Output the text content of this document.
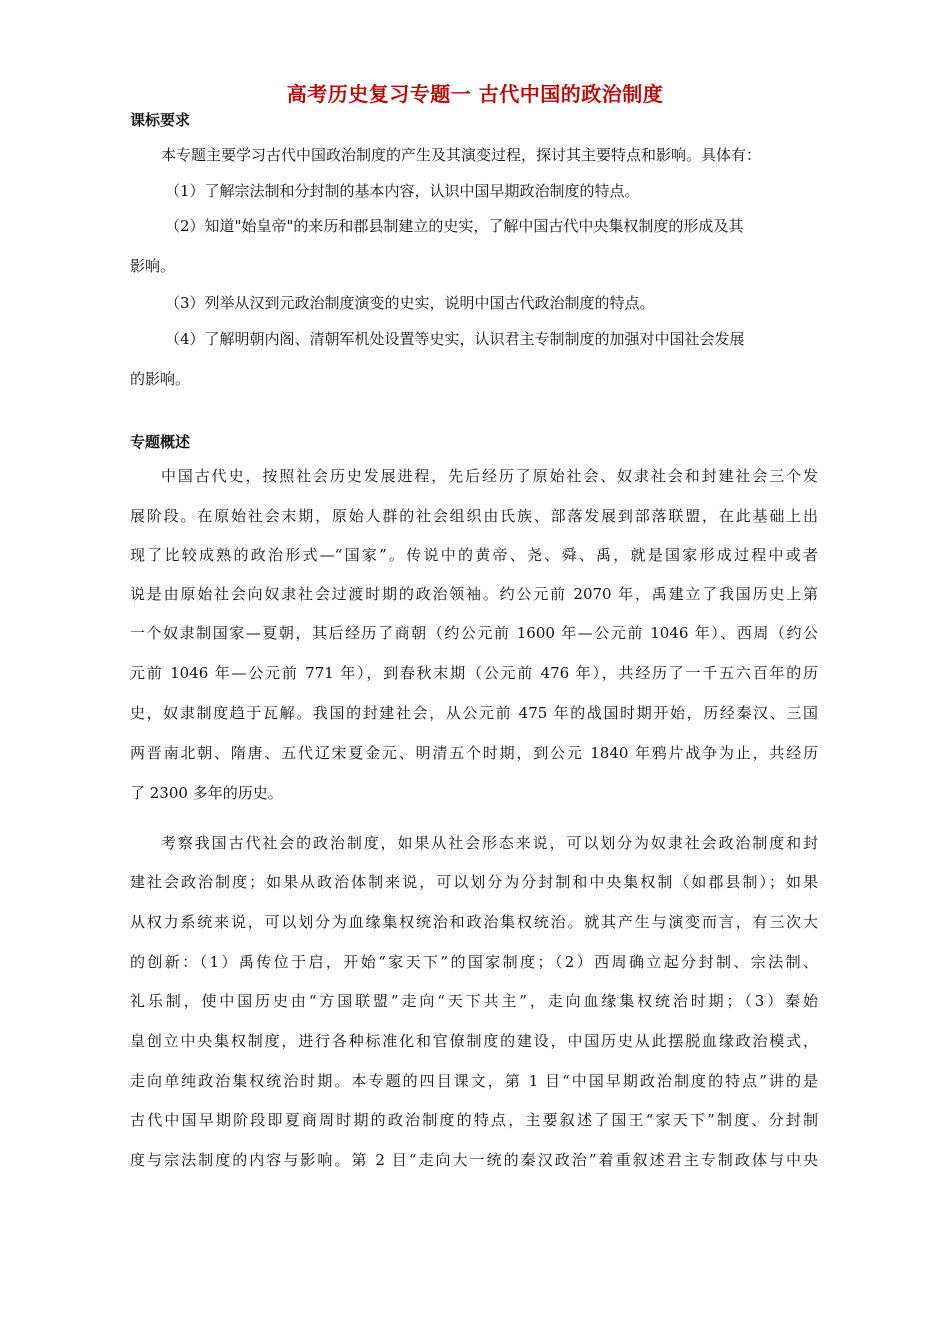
高考历史复习专题一 古代中国的政治制度
课标要求
本专题主要学习古代中国政治制度的产生及其演变过程，探讨其主要特点和影响。具体有：
（1）了解宗法制和分封制的基本内容，认识中国早期政治制度的特点。
（2）知道"始皇帝"的来历和郡县制建立的史实，了解中国古代中央集权制度的形成及其
影响。
（3）列举从汉到元政治制度演变的史实，说明中国古代政治制度的特点。
（4）了解明朝内阁、清朝军机处设置等史实，认识君主专制制度的加强对中国社会发展
的影响。
专题概述
中国古代史，按照社会历史发展进程，先后经历了原始社会、奴隶社会和封建社会三个发
展阶段。在原始社会末期，原始人群的社会组织由氏族、部落发展到部落联盟，在此基础上出
现了比较成熟的政治形式—“国家”。传说中的黄帝、尧、舜、禹，就是国家形成过程中或者
说是由原始社会向奴隶社会过渡时期的政治领袖。约公元前 2070 年，禹建立了我国历史上第
一个奴隶制国家—夏朝，其后经历了商朝（约公元前 1600 年—公元前 1046 年）、西周（约公
元前 1046 年—公元前 771 年），到春秋末期（公元前 476 年），共经历了一千五六百年的历
史，奴隶制度趋于瓦解。我国的封建社会，从公元前 475 年的战国时期开始，历经秦汉、三国
两晋南北朝、隋唐、五代辽宋夏金元、明清五个时期，到公元 1840 年鸦片战争为止，共经历
了 2300 多年的历史。
考察我国古代社会的政治制度，如果从社会形态来说，可以划分为奴隶社会政治制度和封
建社会政治制度；如果从政治体制来说，可以划分为分封制和中央集权制（如郡县制）；如果
从权力系统来说，可以划分为血缘集权统治和政治集权统治。就其产生与演变而言，有三次大
的创新：（1）禹传位于启，开始“家天下”的国家制度；（2）西周确立起分封制、宗法制、
礼乐制，使中国历史由“方国联盟”走向“天下共主”，走向血缘集权统治时期；（3）秦始
皇创立中央集权制度，进行各种标准化和官僚制度的建设，中国历史从此摆脱血缘政治模式，
走向单纯政治集权统治时期。本专题的四目课文，第 1 目“中国早期政治制度的特点”讲的是
古代中国早期阶段即夏商周时期的政治制度的特点，主要叙述了国王“家天下”制度、分封制
度与宗法制度的内容与影响。第 2 目“走向大一统的秦汉政治”着重叙述君主专制政体与中央
